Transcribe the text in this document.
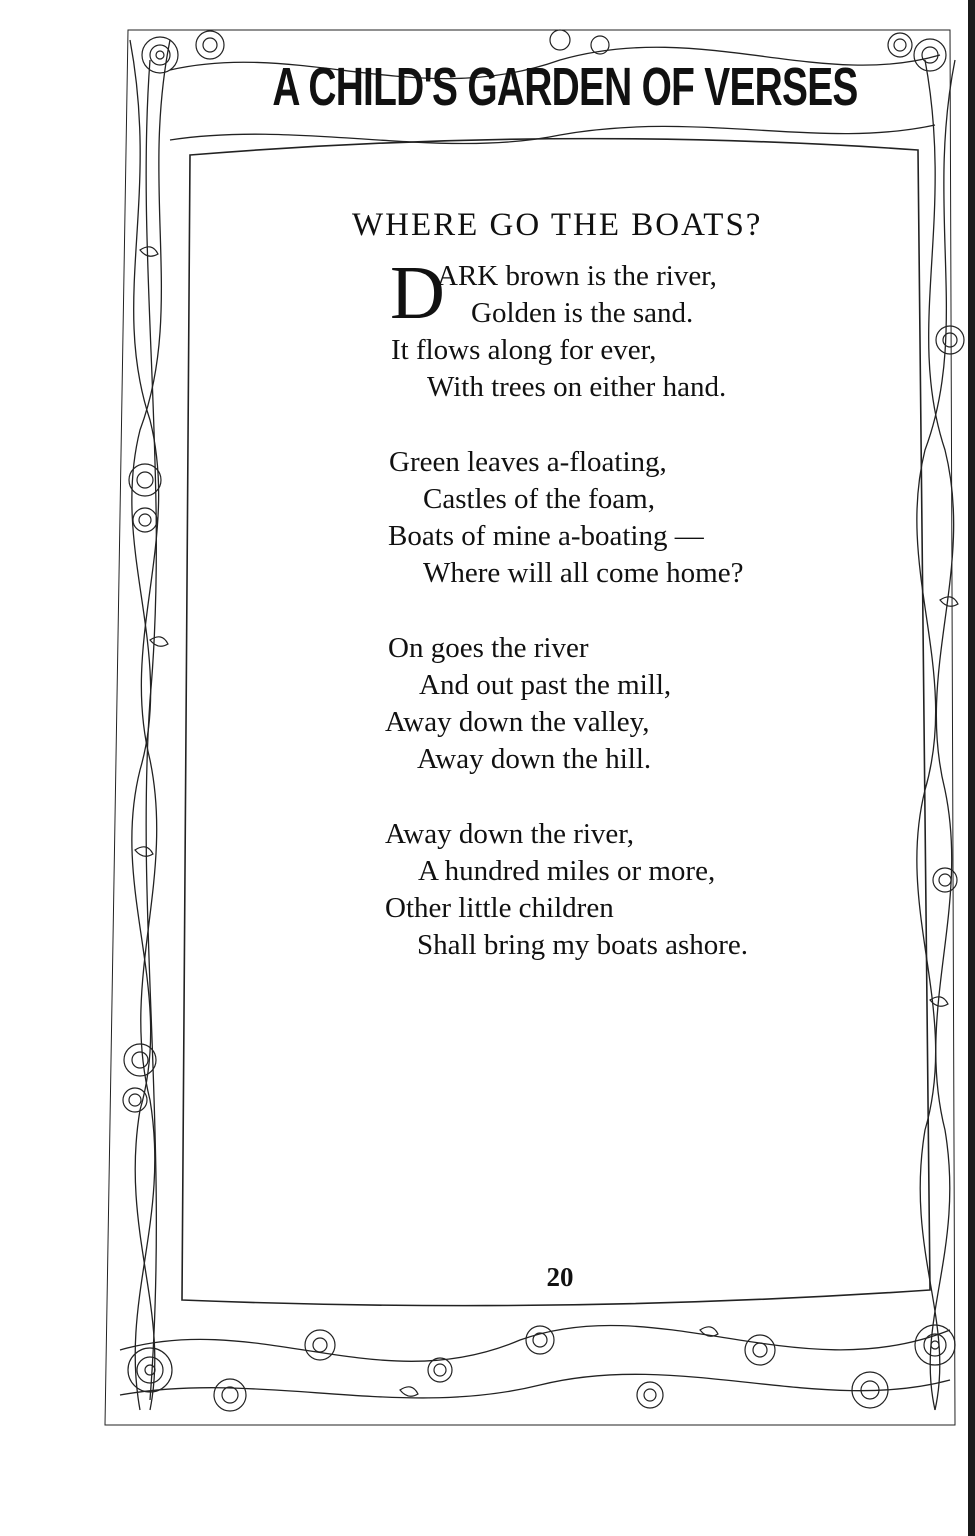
A CHILD'S GARDEN OF VERSES
WHERE GO THE BOATS?
D
ARK brown is the river,
Golden is the sand.
It flows along for ever,
With trees on either hand.
Green leaves a-floating,
Castles of the foam,
Boats of mine a-boating —
Where will all come home?
On goes the river
And out past the mill,
Away down the valley,
Away down the hill.
Away down the river,
A hundred miles or more,
Other little children
Shall bring my boats ashore.
20
